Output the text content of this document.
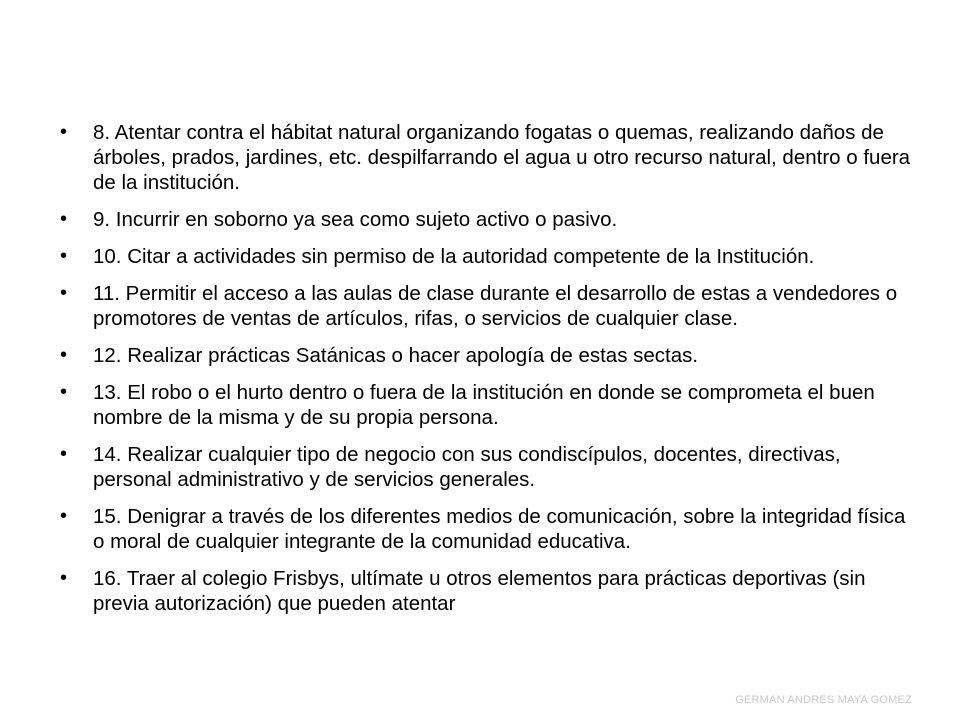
• 8. Atentar contra el hábitat natural organizando fogatas o quemas, realizando daños de árboles, prados, jardines, etc. despilfarrando el agua u otro recurso natural, dentro o fuera de la institución.
• 9. Incurrir en soborno ya sea como sujeto activo o pasivo.
• 10. Citar a actividades sin permiso de la autoridad competente de la Institución.
• 11. Permitir el acceso a las aulas de clase durante el desarrollo de estas a vendedores o promotores de ventas de artículos, rifas, o servicios de cualquier clase.
• 12. Realizar prácticas Satánicas o hacer apología de estas sectas.
• 13. El robo o el hurto dentro o fuera de la institución en donde se comprometa el buen nombre de la misma y de su propia persona.
• 14. Realizar cualquier tipo de negocio con sus condiscípulos, docentes, directivas, personal administrativo y de servicios generales.
• 15. Denigrar a través de los diferentes medios de comunicación, sobre la integridad física o moral de cualquier integrante de la comunidad educativa.
• 16. Traer al colegio Frisbys, ultímate u otros elementos para prácticas deportivas (sin previa autorización) que pueden atentar
GERMAN ANDRES MAYA GOMEZ
